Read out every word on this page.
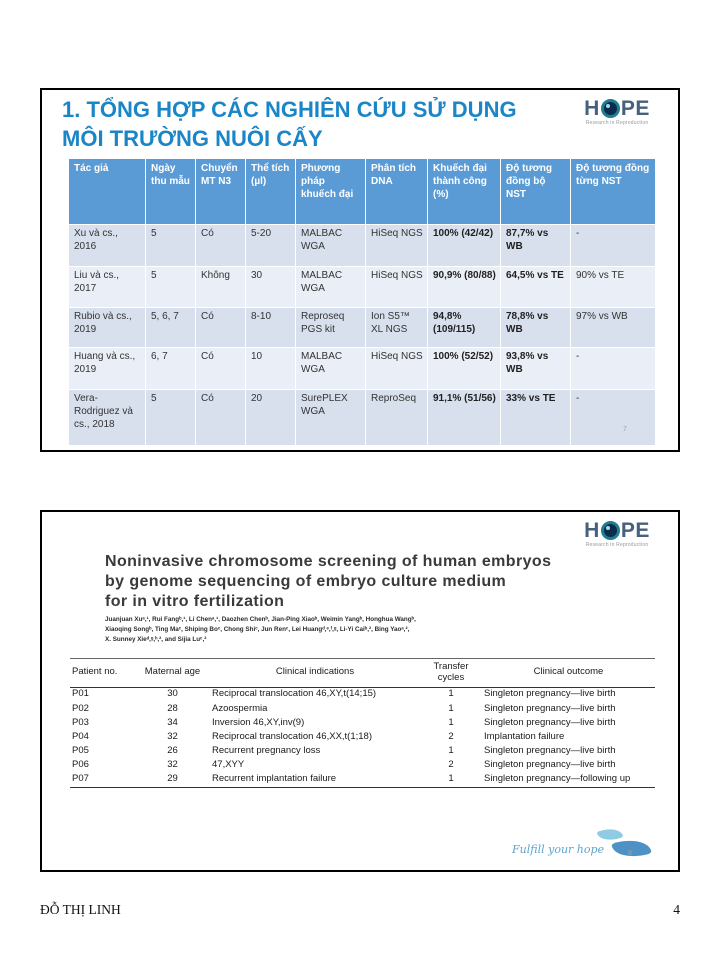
1. TỔNG HỢP CÁC NGHIÊN CỨU SỬ DỤNG
MÔI TRƯỜNG NUÔI CẤY
H PE
Research in Reproduction
Tác giả	Ngày thu mẫu	Chuyển MT N3	Thể tích (µl)	Phương pháp khuếch đại	Phân tích DNA	Khuếch đại thành công (%)	Độ tương đồng bộ NST	Độ tương đồng từng NST
Xu và cs., 2016	5	Có	5-20	MALBAC WGA	HiSeq NGS	100% (42/42)	87,7% vs WB	-
Liu và cs., 2017	5	Không	30	MALBAC WGA	HiSeq NGS	90,9% (80/88)	64,5% vs TE	90% vs TE
Rubio và cs., 2019	5, 6, 7	Có	8-10	Reproseq PGS kit	Ion S5™ XL NGS	94,8% (109/115)	78,8% vs WB	97% vs WB
Huang và cs., 2019	6, 7	Có	10	MALBAC WGA	HiSeq NGS	100% (52/52)	93,8% vs WB	-
Vera-Rodriguez và cs., 2018	5	Có	20	SurePLEX WGA	ReproSeq	91,1% (51/56)	33% vs TE	-
7
H PE
Research in Reproduction
Noninvasive chromosome screening of human embryos
by genome sequencing of embryo culture medium
for in vitro fertilization
Juanjuan Xuᵃ,¹, Rui Fangᵇ,¹, Li Chenᵃ,¹, Daozhen Chenᵇ, Jian-Ping Xiaoᵇ, Weimin Yangᵇ, Honghua Wangᵇ,
Xiaoqing Songᵇ, Ting Maᶜ, Shiping Boᶜ, Chong Shiᶜ, Jun Renᶜ, Lei Huangᵈ,ᵉ,ᶠ,ᵍ, Li-Yi Caiᵇ,², Bing Yaoᵃ,²,
X. Sunney Xieᵈ,ᵍ,ʰ,², and Sijia Luᶜ,²
Patient no.	Maternal age	Clinical indications	Transfer cycles	Clinical outcome
P01	30	Reciprocal translocation 46,XY,t(14;15)	1	Singleton pregnancy—live birth
P02	28	Azoospermia	1	Singleton pregnancy—live birth
P03	34	Inversion 46,XY,inv(9)	1	Singleton pregnancy—live birth
P04	32	Reciprocal translocation 46,XX,t(1;18)	2	Implantation failure
P05	26	Recurrent pregnancy loss	1	Singleton pregnancy—live birth
P06	32	47,XYY	2	Singleton pregnancy—live birth
P07	29	Recurrent implantation failure	1	Singleton pregnancy—following up
Fulfill your hope	8
ĐỖ THỊ LINH	4
